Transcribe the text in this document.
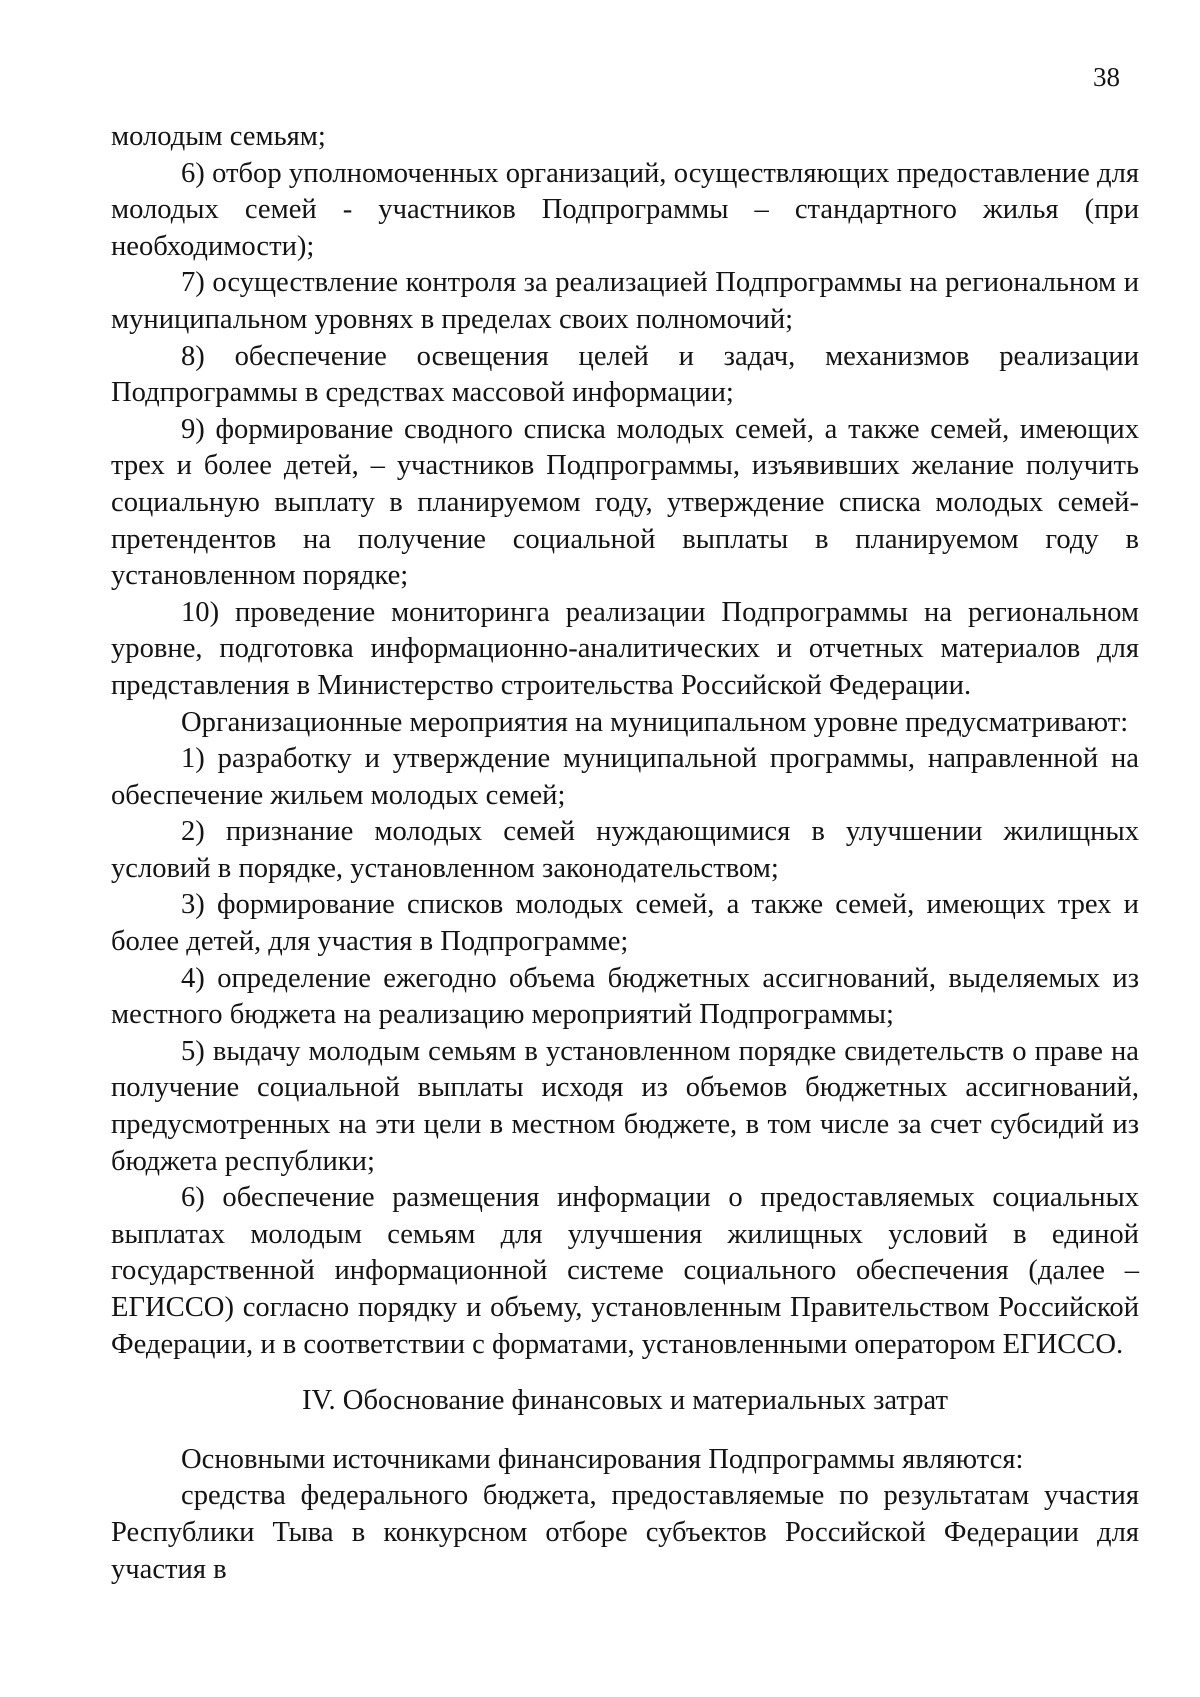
38

молодым семьям;

6) отбор уполномоченных организаций, осуществляющих предоставление для молодых семей - участников Подпрограммы – стандартного жилья (при необходимости);

7) осуществление контроля за реализацией Подпрограммы на региональном и муниципальном уровнях в пределах своих полномочий;

8) обеспечение освещения целей и задач, механизмов реализации Подпрограммы в средствах массовой информации;

9) формирование сводного списка молодых семей, а также семей, имеющих трех и более детей, – участников Подпрограммы, изъявивших желание получить социальную выплату в планируемом году, утверждение списка молодых семей-претендентов на получение социальной выплаты в планируемом году в установленном порядке;

10) проведение мониторинга реализации Подпрограммы на региональном уровне, подготовка информационно-аналитических и отчетных материалов для представления в Министерство строительства Российской Федерации.

Организационные мероприятия на муниципальном уровне предусматривают:

1) разработку и утверждение муниципальной программы, направленной на обеспечение жильем молодых семей;

2) признание молодых семей нуждающимися в улучшении жилищных условий в порядке, установленном законодательством;

3) формирование списков молодых семей, а также семей, имеющих трех и более детей, для участия в Подпрограмме;

4) определение ежегодно объема бюджетных ассигнований, выделяемых из местного бюджета на реализацию мероприятий Подпрограммы;

5) выдачу молодым семьям в установленном порядке свидетельств о праве на получение социальной выплаты исходя из объемов бюджетных ассигнований, предусмотренных на эти цели в местном бюджете, в том числе за счет субсидий из бюджета республики;

6) обеспечение размещения информации о предоставляемых социальных выплатах молодым семьям для улучшения жилищных условий в единой государственной информационной системе социального обеспечения (далее – ЕГИССО) согласно порядку и объему, установленным Правительством Российской Федерации, и в соответствии с форматами, установленными оператором ЕГИССО.

IV. Обоснование финансовых и материальных затрат

Основными источниками финансирования Подпрограммы являются:

средства федерального бюджета, предоставляемые по результатам участия Республики Тыва в конкурсном отборе субъектов Российской Федерации для участия в
